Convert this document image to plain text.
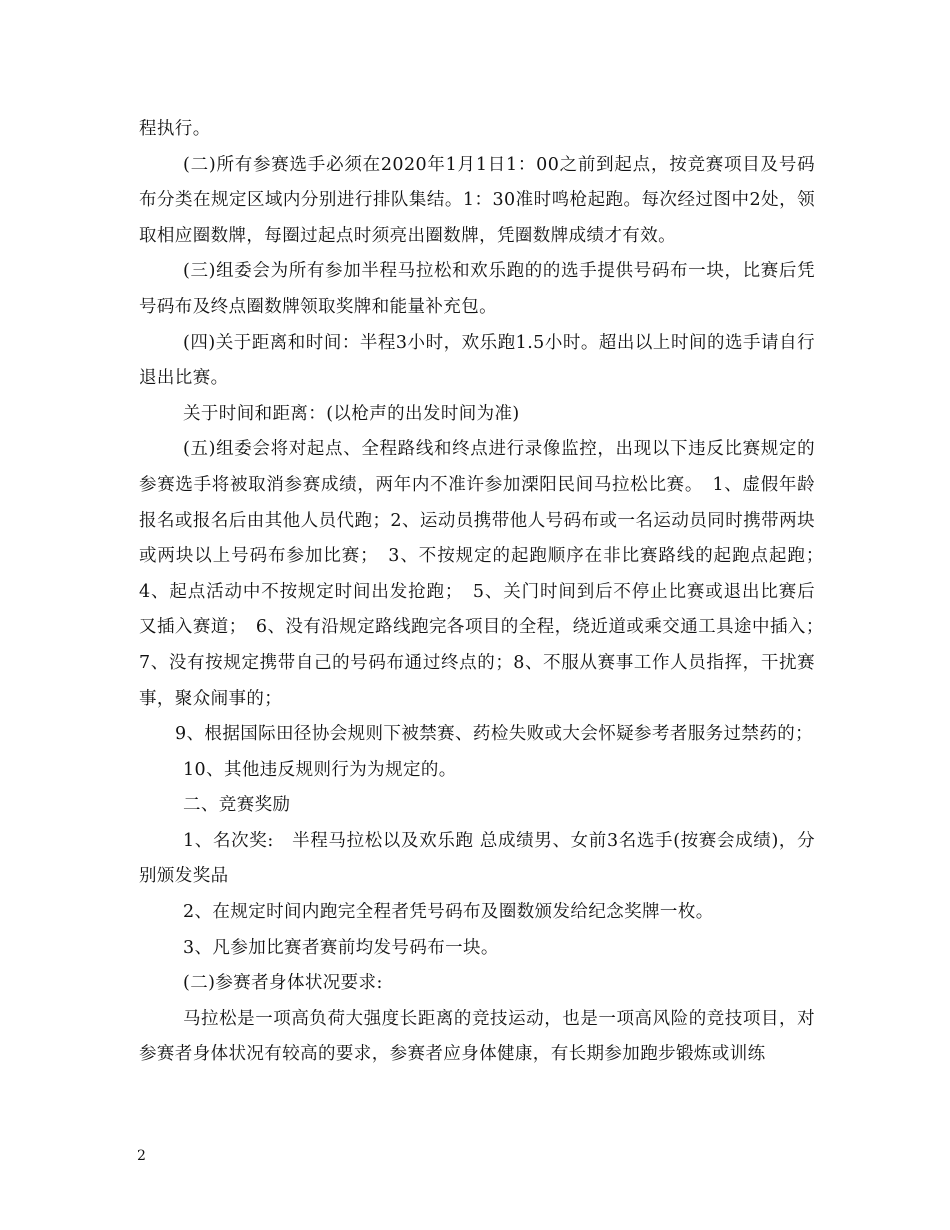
程执行。

(二)所有参赛选手必须在2020年1月1日1：00之前到起点，按竞赛项目及号码布分类在规定区域内分别进行排队集结。1：30准时鸣枪起跑。每次经过图中2处，领取相应圈数牌，每圈过起点时须亮出圈数牌，凭圈数牌成绩才有效。

(三)组委会为所有参加半程马拉松和欢乐跑的的选手提供号码布一块，比赛后凭号码布及终点圈数牌领取奖牌和能量补充包。

(四)关于距离和时间：半程3小时，欢乐跑1.5小时。超出以上时间的选手请自行退出比赛。

关于时间和距离：(以枪声的出发时间为准)

(五)组委会将对起点、全程路线和终点进行录像监控，出现以下违反比赛规定的参赛选手将被取消参赛成绩，两年内不准许参加溧阳民间马拉松比赛。　1、虚假年龄报名或报名后由其他人员代跑；2、运动员携带他人号码布或一名运动员同时携带两块或两块以上号码布参加比赛；　3、不按规定的起跑顺序在非比赛路线的起跑点起跑；　4、起点活动中不按规定时间出发抢跑；　5、关门时间到后不停止比赛或退出比赛后又插入赛道；　6、没有沿规定路线跑完各项目的全程，绕近道或乘交通工具途中插入；　7、没有按规定携带自己的号码布通过终点的；8、不服从赛事工作人员指挥，干扰赛事，聚众闹事的；

9、根据国际田径协会规则下被禁赛、药检失败或大会怀疑参考者服务过禁药的；

10、其他违反规则行为为规定的。

二、竞赛奖励

1、名次奖:　半程马拉松以及欢乐跑 总成绩男、女前3名选手(按赛会成绩)，分别颁发奖品

2、在规定时间内跑完全程者凭号码布及圈数颁发给纪念奖牌一枚。

3、凡参加比赛者赛前均发号码布一块。

(二)参赛者身体状况要求:

马拉松是一项高负荷大强度长距离的竞技运动，也是一项高风险的竞技项目，对参赛者身体状况有较高的要求，参赛者应身体健康，有长期参加跑步锻炼或训练

2
